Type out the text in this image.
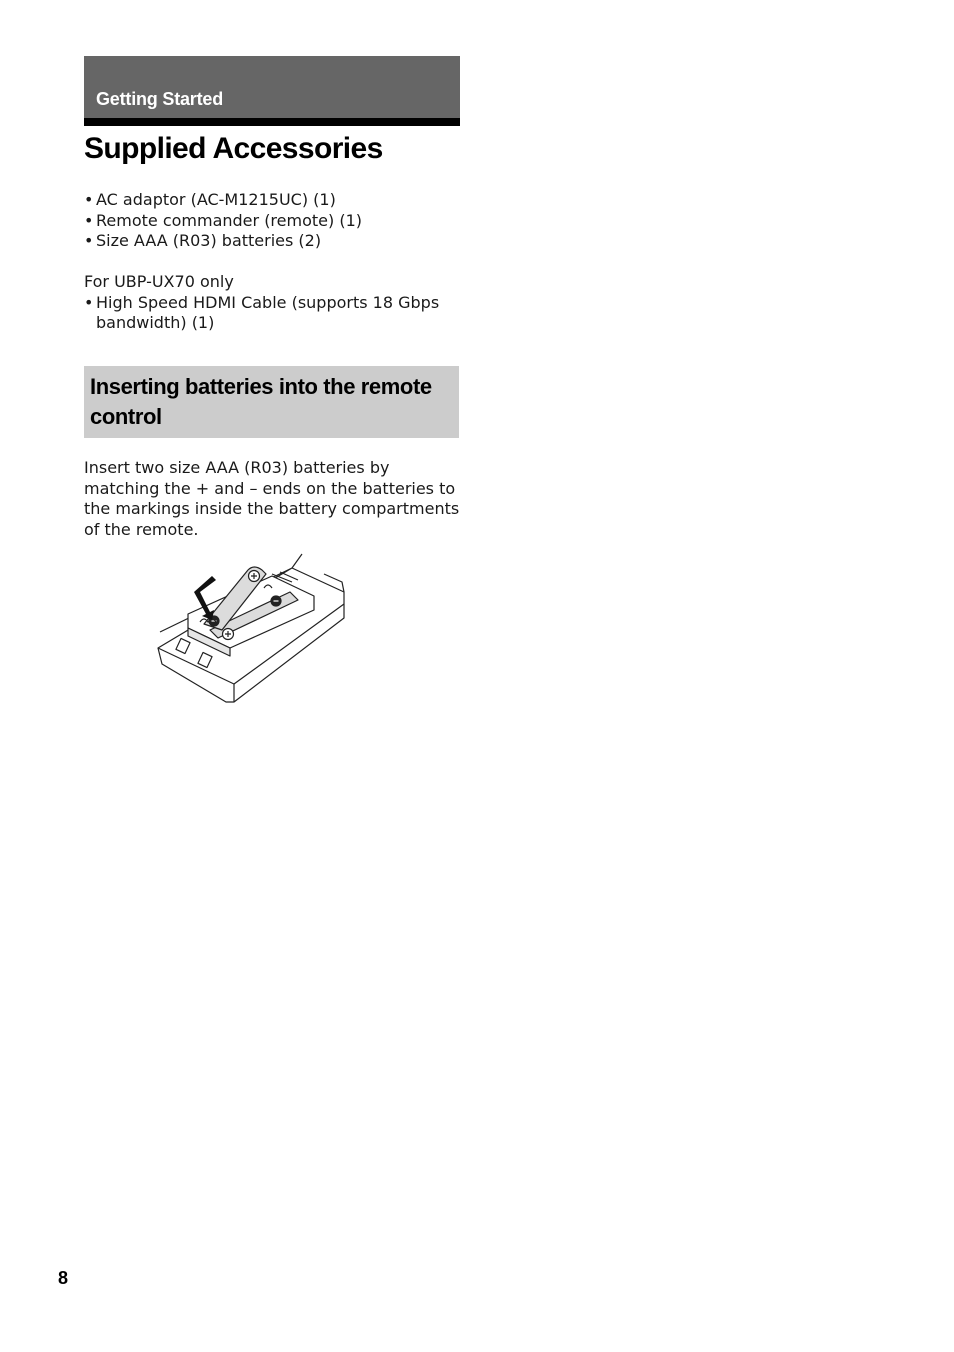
Getting Started
Supplied Accessories
• AC adaptor (AC-M1215UC) (1)
• Remote commander (remote) (1)
• Size AAA (R03) batteries (2)
For UBP-UX70 only
• High Speed HDMI Cable (supports 18 Gbps bandwidth) (1)
Inserting batteries into the remote control

Insert two size AAA (R03) batteries by matching the + and – ends on the batteries to the markings inside the battery compartments of the remote.

8
